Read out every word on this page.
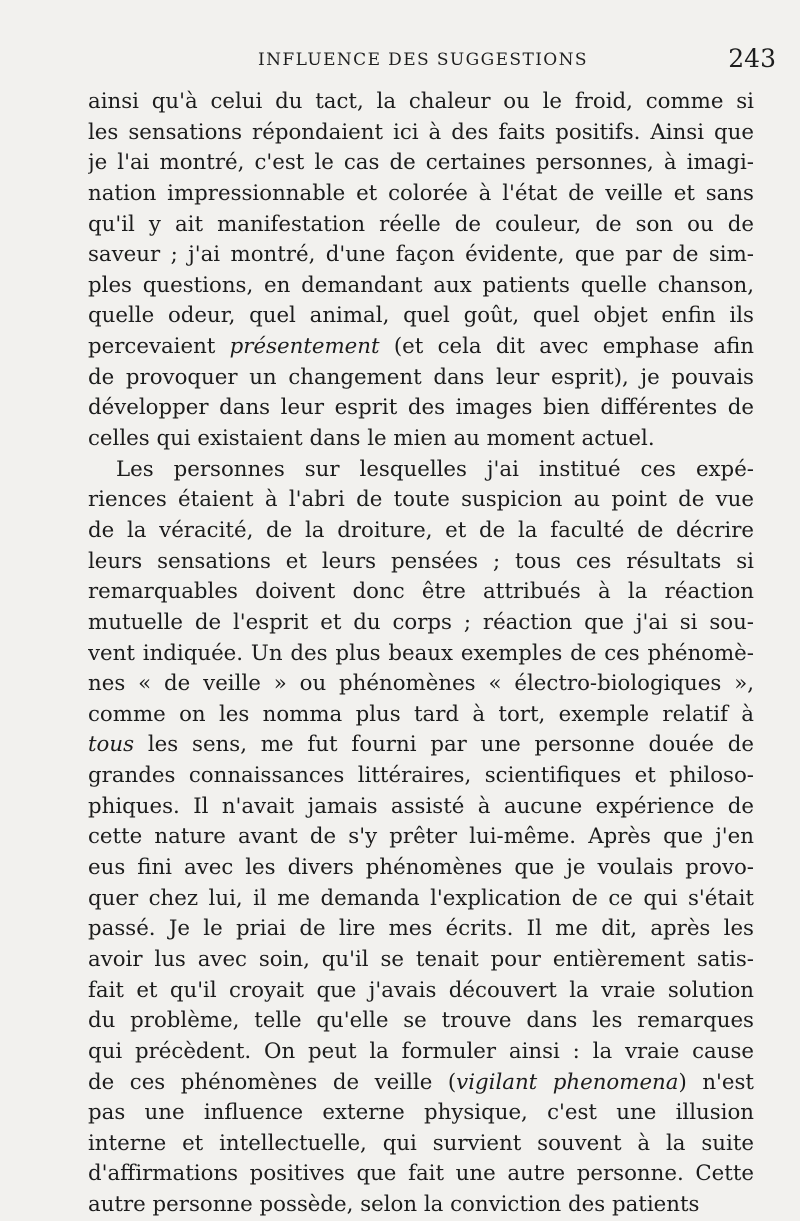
INFLUENCE DES SUGGESTIONS	243
ainsi qu'à celui du tact, la chaleur ou le froid, comme si
les sensations répondaient ici à des faits positifs. Ainsi que
je l'ai montré, c'est le cas de certaines personnes, à imagi-
nation impressionnable et colorée à l'état de veille et sans
qu'il y ait manifestation réelle de couleur, de son ou de
saveur ; j'ai montré, d'une façon évidente, que par de sim-
ples questions, en demandant aux patients quelle chanson,
quelle odeur, quel animal, quel goût, quel objet enfin ils
percevaient présentement (et cela dit avec emphase afin
de provoquer un changement dans leur esprit), je pouvais
développer dans leur esprit des images bien différentes de
celles qui existaient dans le mien au moment actuel.
Les personnes sur lesquelles j'ai institué ces expé-
riences étaient à l'abri de toute suspicion au point de vue
de la véracité, de la droiture, et de la faculté de décrire
leurs sensations et leurs pensées ; tous ces résultats si
remarquables doivent donc être attribués à la réaction
mutuelle de l'esprit et du corps ; réaction que j'ai si sou-
vent indiquée. Un des plus beaux exemples de ces phénomè-
nes « de veille » ou phénomènes « électro-biologiques »,
comme on les nomma plus tard à tort, exemple relatif à
tous les sens, me fut fourni par une personne douée de
grandes connaissances littéraires, scientifiques et philoso-
phiques. Il n'avait jamais assisté à aucune expérience de
cette nature avant de s'y prêter lui-même. Après que j'en
eus fini avec les divers phénomènes que je voulais provo-
quer chez lui, il me demanda l'explication de ce qui s'était
passé. Je le priai de lire mes écrits. Il me dit, après les
avoir lus avec soin, qu'il se tenait pour entièrement satis-
fait et qu'il croyait que j'avais découvert la vraie solution
du problème, telle qu'elle se trouve dans les remarques
qui précèdent. On peut la formuler ainsi : la vraie cause
de ces phénomènes de veille (vigilant phenomena) n'est
pas une influence externe physique, c'est une illusion
interne et intellectuelle, qui survient souvent à la suite
d'affirmations positives que fait une autre personne. Cette
autre personne possède, selon la conviction des patients
